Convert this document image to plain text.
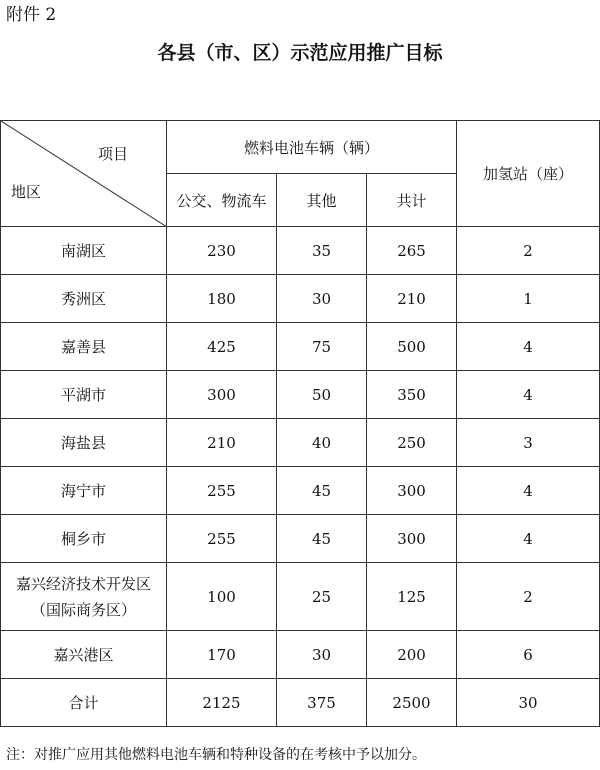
附件 2
各县（市、区）示范应用推广目标
项目
地区	燃料电池车辆（辆）			加氢站（座）
	公交、物流车	其他	共计	
南湖区	230	35	265	2
秀洲区	180	30	210	1
嘉善县	425	75	500	4
平湖市	300	50	350	4
海盐县	210	40	250	3
海宁市	255	45	300	4
桐乡市	255	45	300	4
嘉兴经济技术开发区
（国际商务区）	100	25	125	2
嘉兴港区	170	30	200	6
合计	2125	375	2500	30
注：对推广应用其他燃料电池车辆和特种设备的在考核中予以加分。
